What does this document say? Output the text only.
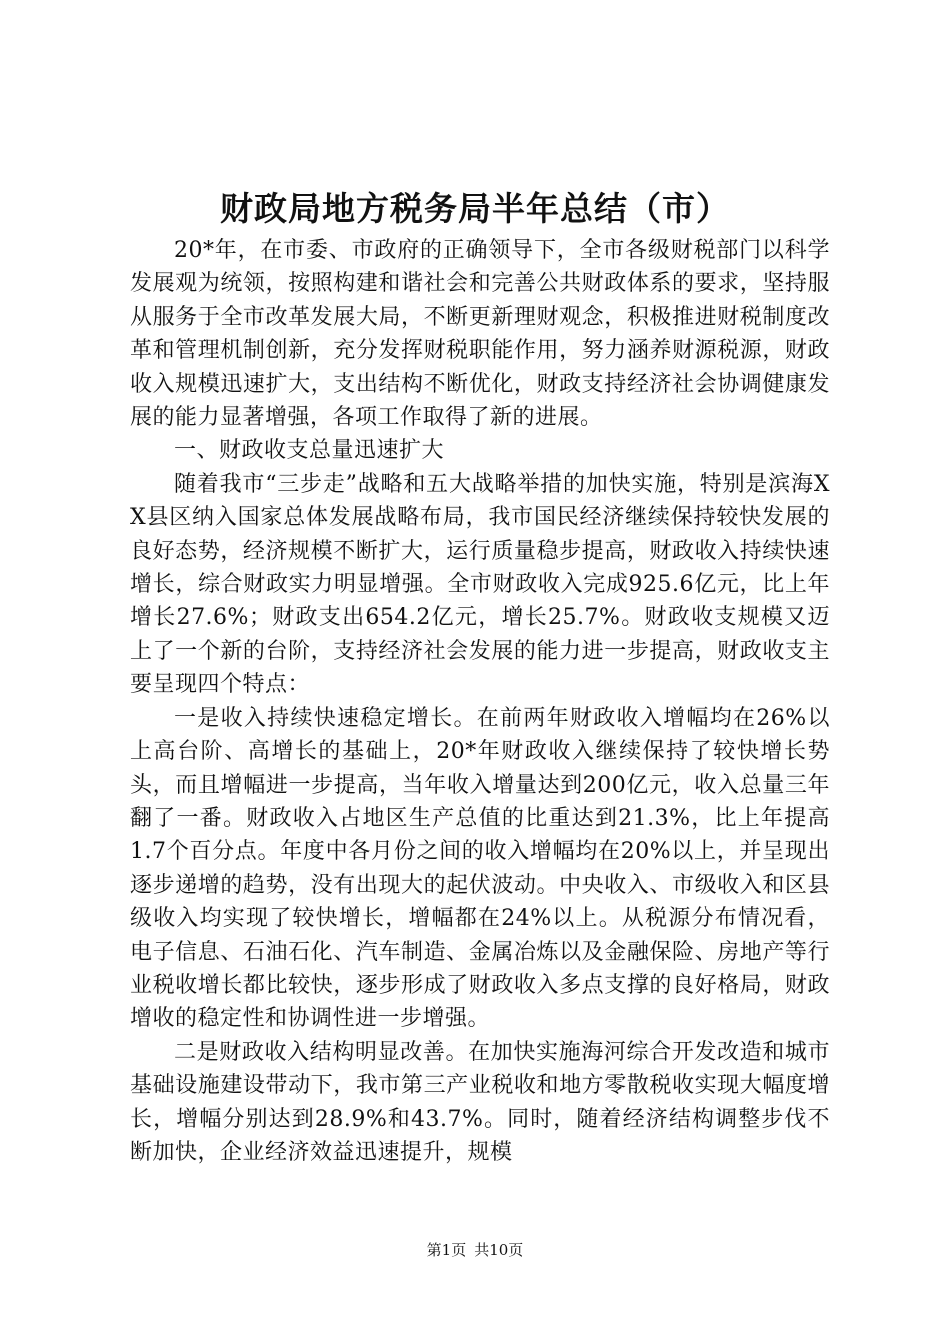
财政局地方税务局半年总结（市）

20*年，在市委、市政府的正确领导下，全市各级财税部门以科学发展观为统领，按照构建和谐社会和完善公共财政体系的要求，坚持服从服务于全市改革发展大局，不断更新理财观念，积极推进财税制度改革和管理机制创新，充分发挥财税职能作用，努力涵养财源税源，财政收入规模迅速扩大，支出结构不断优化，财政支持经济社会协调健康发展的能力显著增强，各项工作取得了新的进展。

一、财政收支总量迅速扩大

随着我市“三步走”战略和五大战略举措的加快实施，特别是滨海XX县区纳入国家总体发展战略布局，我市国民经济继续保持较快发展的良好态势，经济规模不断扩大，运行质量稳步提高，财政收入持续快速增长，综合财政实力明显增强。全市财政收入完成925.6亿元，比上年增长27.6%；财政支出654.2亿元，增长25.7%。财政收支规模又迈上了一个新的台阶，支持经济社会发展的能力进一步提高，财政收支主要呈现四个特点：

一是收入持续快速稳定增长。在前两年财政收入增幅均在26%以上高台阶、高增长的基础上，20*年财政收入继续保持了较快增长势头，而且增幅进一步提高，当年收入增量达到200亿元，收入总量三年翻了一番。财政收入占地区生产总值的比重达到21.3%，比上年提高1.7个百分点。年度中各月份之间的收入增幅均在20%以上，并呈现出逐步递增的趋势，没有出现大的起伏波动。中央收入、市级收入和区县级收入均实现了较快增长，增幅都在24%以上。从税源分布情况看，电子信息、石油石化、汽车制造、金属冶炼以及金融保险、房地产等行业税收增长都比较快，逐步形成了财政收入多点支撑的良好格局，财政增收的稳定性和协调性进一步增强。

二是财政收入结构明显改善。在加快实施海河综合开发改造和城市基础设施建设带动下，我市第三产业税收和地方零散税收实现大幅度增长，增幅分别达到28.9%和43.7%。同时，随着经济结构调整步伐不断加快，企业经济效益迅速提升，规模

第1页 共10页
